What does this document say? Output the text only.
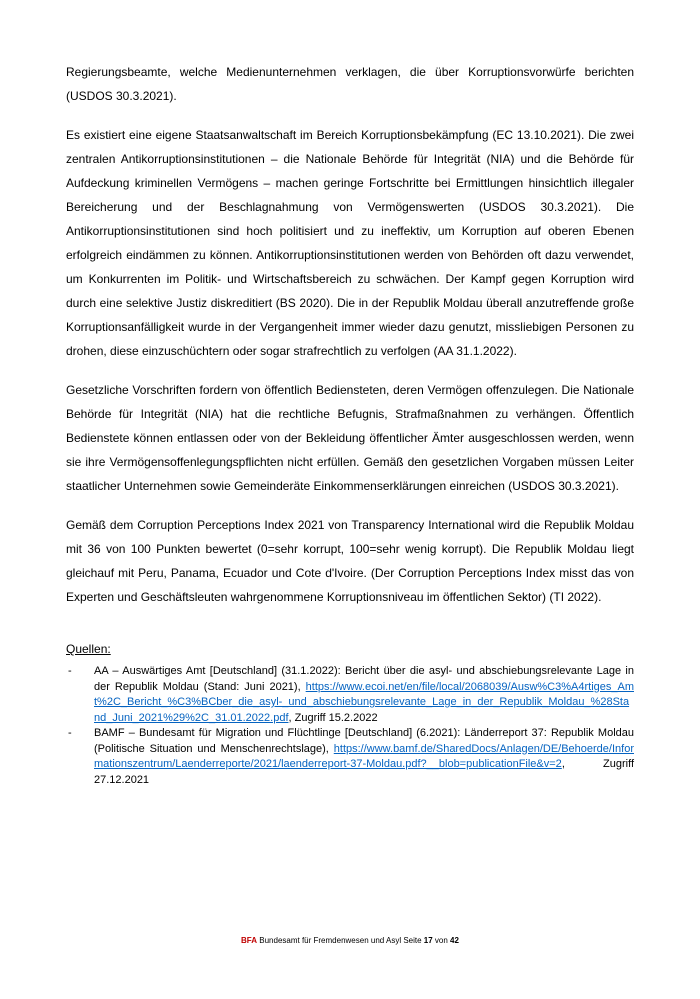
Regierungsbeamte, welche Medienunternehmen verklagen, die über Korruptionsvorwürfe berichten (USDOS 30.3.2021).

Es existiert eine eigene Staatsanwaltschaft im Bereich Korruptionsbekämpfung (EC 13.10.2021). Die zwei zentralen Antikorruptionsinstitutionen – die Nationale Behörde für Integrität (NIA) und die Behörde für Aufdeckung kriminellen Vermögens – machen geringe Fortschritte bei Ermittlungen hinsichtlich illegaler Bereicherung und der Beschlagnahmung von Vermögenswerten (USDOS 30.3.2021). Die Antikorruptionsinstitutionen sind hoch politisiert und zu ineffektiv, um Korruption auf oberen Ebenen erfolgreich eindämmen zu können. Antikorruptionsinstitutionen werden von Behörden oft dazu verwendet, um Konkurrenten im Politik- und Wirtschaftsbereich zu schwächen. Der Kampf gegen Korruption wird durch eine selektive Justiz diskreditiert (BS 2020). Die in der Republik Moldau überall anzutreffende große Korruptionsanfälligkeit wurde in der Vergangenheit immer wieder dazu genutzt, missliebigen Personen zu drohen, diese einzuschüchtern oder sogar strafrechtlich zu verfolgen (AA 31.1.2022).

Gesetzliche Vorschriften fordern von öffentlich Bediensteten, deren Vermögen offenzulegen. Die Nationale Behörde für Integrität (NIA) hat die rechtliche Befugnis, Strafmaßnahmen zu verhängen. Öffentlich Bedienstete können entlassen oder von der Bekleidung öffentlicher Ämter ausgeschlossen werden, wenn sie ihre Vermögensoffenlegungspflichten nicht erfüllen. Gemäß den gesetzlichen Vorgaben müssen Leiter staatlicher Unternehmen sowie Gemeinderäte Einkommenserklärungen einreichen (USDOS 30.3.2021).

Gemäß dem Corruption Perceptions Index 2021 von Transparency International wird die Republik Moldau mit 36 von 100 Punkten bewertet (0=sehr korrupt, 100=sehr wenig korrupt). Die Republik Moldau liegt gleichauf mit Peru, Panama, Ecuador und Cote d'Ivoire. (Der Corruption Perceptions Index misst das von Experten und Geschäftsleuten wahrgenommene Korruptionsniveau im öffentlichen Sektor) (TI 2022).

Quellen:

- AA – Auswärtiges Amt [Deutschland] (31.1.2022): Bericht über die asyl- und abschiebungsrelevante Lage in der Republik Moldau (Stand: Juni 2021), https://www.ecoi.net/en/file/local/2068039/Ausw%C3%A4rtiges_Amt%2C_Bericht_%C3%BCber_die_asyl-_und_abschiebungsrelevante_Lage_in_der_Republik_Moldau_%28Stand_Juni_2021%29%2C_31.01.2022.pdf, Zugriff 15.2.2022
- BAMF – Bundesamt für Migration und Flüchtlinge [Deutschland] (6.2021): Länderreport 37: Republik Moldau (Politische Situation und Menschenrechtslage), https://www.bamf.de/SharedDocs/Anlagen/DE/Behoerde/Informationszentrum/Laenderreporte/2021/laenderreport-37-Moldau.pdf?__blob=publicationFile&v=2, Zugriff 27.12.2021
BFA Bundesamt für Fremdenwesen und Asyl Seite 17 von 42
